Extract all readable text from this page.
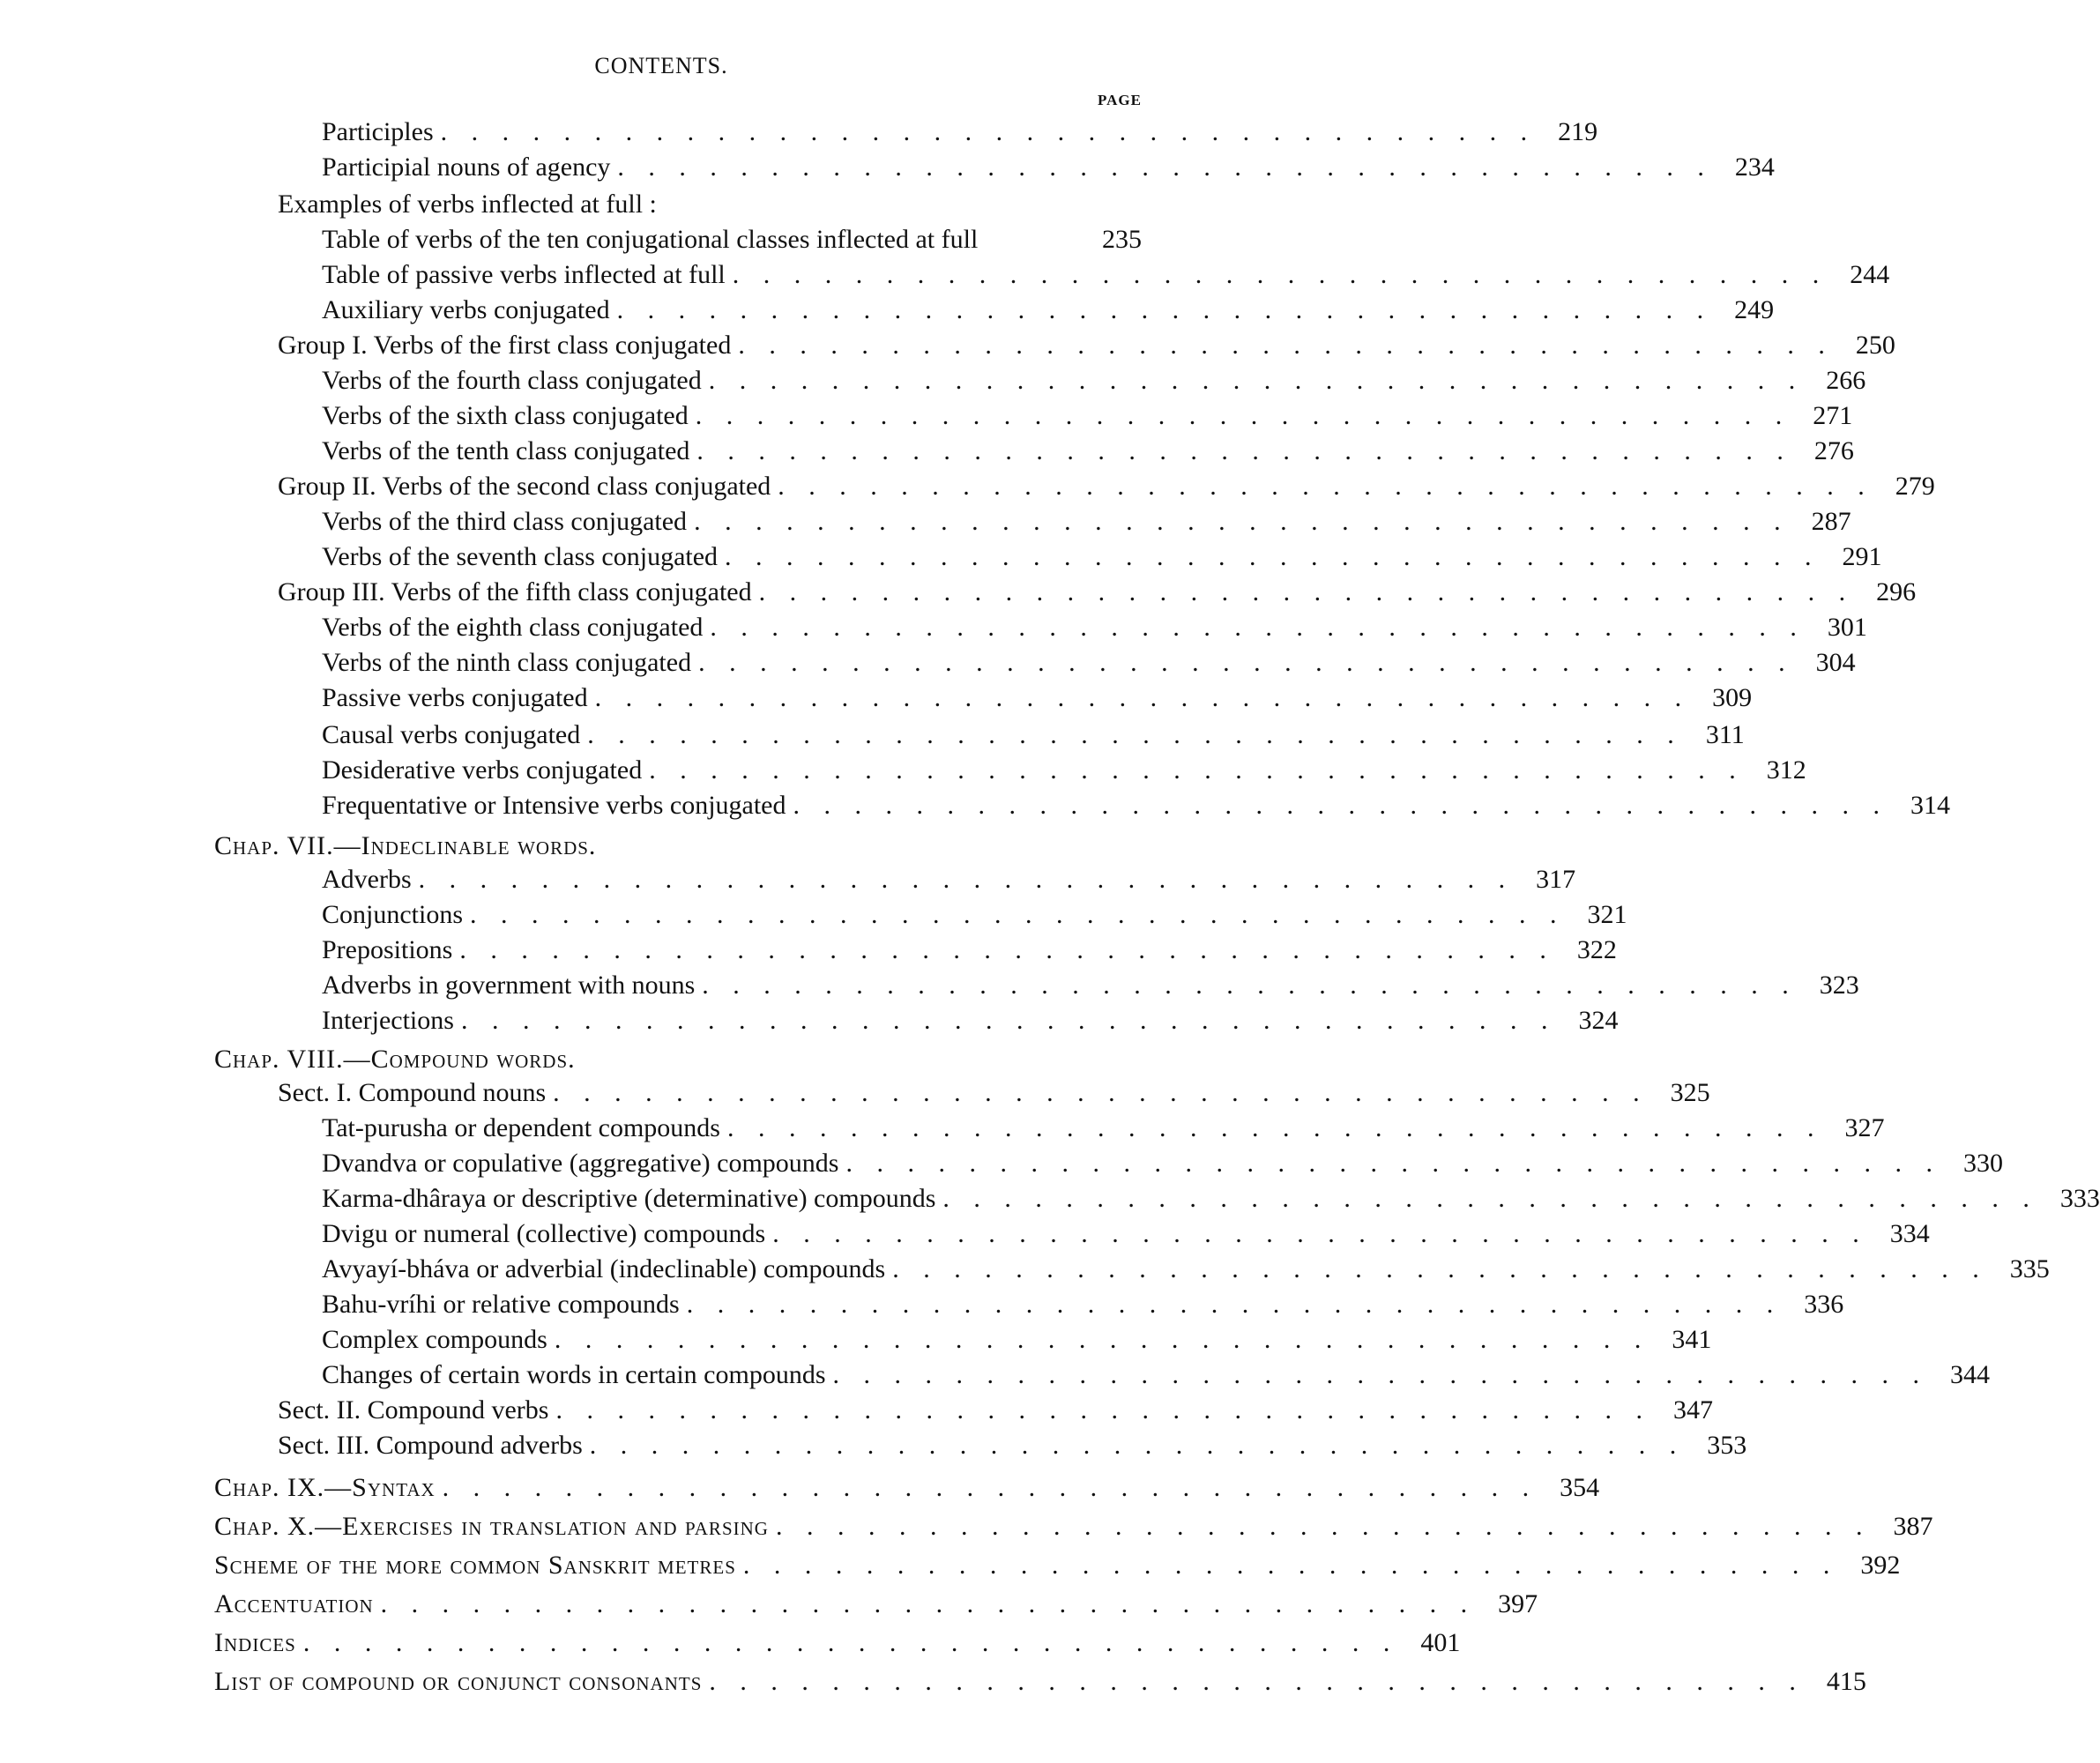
CONTENTS.
PAGE
Participles . . . . . . . . . . . . . . . . . . . . . . . . . . . . . . . . . . . . 219
Participial nouns of agency . . . . . . . . . . . . . . . . . . . . . . . . . . . . . . . . . . . . 234
Examples of verbs inflected at full :
Table of verbs of the ten conjugational classes inflected at full	235
Table of passive verbs inflected at full . . . . . . . . . . . . . . . . . . . . . . . . . . . . . . . . . . . . 244
Auxiliary verbs conjugated . . . . . . . . . . . . . . . . . . . . . . . . . . . . . . . . . . . . 249
Group I. Verbs of the first class conjugated . . . . . . . . . . . . . . . . . . . . . . . . . . . . . . . . . . . . 250
Verbs of the fourth class conjugated . . . . . . . . . . . . . . . . . . . . . . . . . . . . . . . . . . . . 266
Verbs of the sixth class conjugated . . . . . . . . . . . . . . . . . . . . . . . . . . . . . . . . . . . . 271
Verbs of the tenth class conjugated . . . . . . . . . . . . . . . . . . . . . . . . . . . . . . . . . . . . 276
Group II. Verbs of the second class conjugated . . . . . . . . . . . . . . . . . . . . . . . . . . . . . . . . . . . . 279
Verbs of the third class conjugated . . . . . . . . . . . . . . . . . . . . . . . . . . . . . . . . . . . . 287
Verbs of the seventh class conjugated . . . . . . . . . . . . . . . . . . . . . . . . . . . . . . . . . . . . 291
Group III. Verbs of the fifth class conjugated . . . . . . . . . . . . . . . . . . . . . . . . . . . . . . . . . . . . 296
Verbs of the eighth class conjugated . . . . . . . . . . . . . . . . . . . . . . . . . . . . . . . . . . . . 301
Verbs of the ninth class conjugated . . . . . . . . . . . . . . . . . . . . . . . . . . . . . . . . . . . . 304
Passive verbs conjugated . . . . . . . . . . . . . . . . . . . . . . . . . . . . . . . . . . . . 309
Causal verbs conjugated . . . . . . . . . . . . . . . . . . . . . . . . . . . . . . . . . . . . 311
Desiderative verbs conjugated . . . . . . . . . . . . . . . . . . . . . . . . . . . . . . . . . . . . 312
Frequentative or Intensive verbs conjugated . . . . . . . . . . . . . . . . . . . . . . . . . . . . . . . . . . . . 314
Chap. VII.—Indeclinable words.
Adverbs . . . . . . . . . . . . . . . . . . . . . . . . . . . . . . . . . . . . 317
Conjunctions . . . . . . . . . . . . . . . . . . . . . . . . . . . . . . . . . . . . 321
Prepositions . . . . . . . . . . . . . . . . . . . . . . . . . . . . . . . . . . . . 322
Adverbs in government with nouns . . . . . . . . . . . . . . . . . . . . . . . . . . . . . . . . . . . . 323
Interjections . . . . . . . . . . . . . . . . . . . . . . . . . . . . . . . . . . . . 324
Chap. VIII.—Compound words.
Sect. I. Compound nouns . . . . . . . . . . . . . . . . . . . . . . . . . . . . . . . . . . . . 325
Tat-purusha or dependent compounds . . . . . . . . . . . . . . . . . . . . . . . . . . . . . . . . . . . . 327
Dvandva or copulative (aggregative) compounds . . . . . . . . . . . . . . . . . . . . . . . . . . . . . . . . . . . . 330
Karma-dhâraya or descriptive (determinative) compounds . . . . . . . . . . . . . . . . . . . . . . . . . . . . . . . . . . . . 333
Dvigu or numeral (collective) compounds . . . . . . . . . . . . . . . . . . . . . . . . . . . . . . . . . . . . 334
Avyayí-bháva or adverbial (indeclinable) compounds . . . . . . . . . . . . . . . . . . . . . . . . . . . . . . . . . . . . 335
Bahu-vríhi or relative compounds . . . . . . . . . . . . . . . . . . . . . . . . . . . . . . . . . . . . 336
Complex compounds . . . . . . . . . . . . . . . . . . . . . . . . . . . . . . . . . . . . 341
Changes of certain words in certain compounds . . . . . . . . . . . . . . . . . . . . . . . . . . . . . . . . . . . . 344
Sect. II. Compound verbs . . . . . . . . . . . . . . . . . . . . . . . . . . . . . . . . . . . . 347
Sect. III. Compound adverbs . . . . . . . . . . . . . . . . . . . . . . . . . . . . . . . . . . . . 353
Chap. IX.—Syntax . . . . . . . . . . . . . . . . . . . . . . . . . . . . . . . . . . . . 354
Chap. X.—Exercises in translation and parsing . . . . . . . . . . . . . . . . . . . . . . . . . . . . . . . . . . . . 387
Scheme of the more common Sanskrit metres . . . . . . . . . . . . . . . . . . . . . . . . . . . . . . . . . . . . 392
Accentuation . . . . . . . . . . . . . . . . . . . . . . . . . . . . . . . . . . . . 397
Indices . . . . . . . . . . . . . . . . . . . . . . . . . . . . . . . . . . . . 401
List of compound or conjunct consonants . . . . . . . . . . . . . . . . . . . . . . . . . . . . . . . . . . . . 415
